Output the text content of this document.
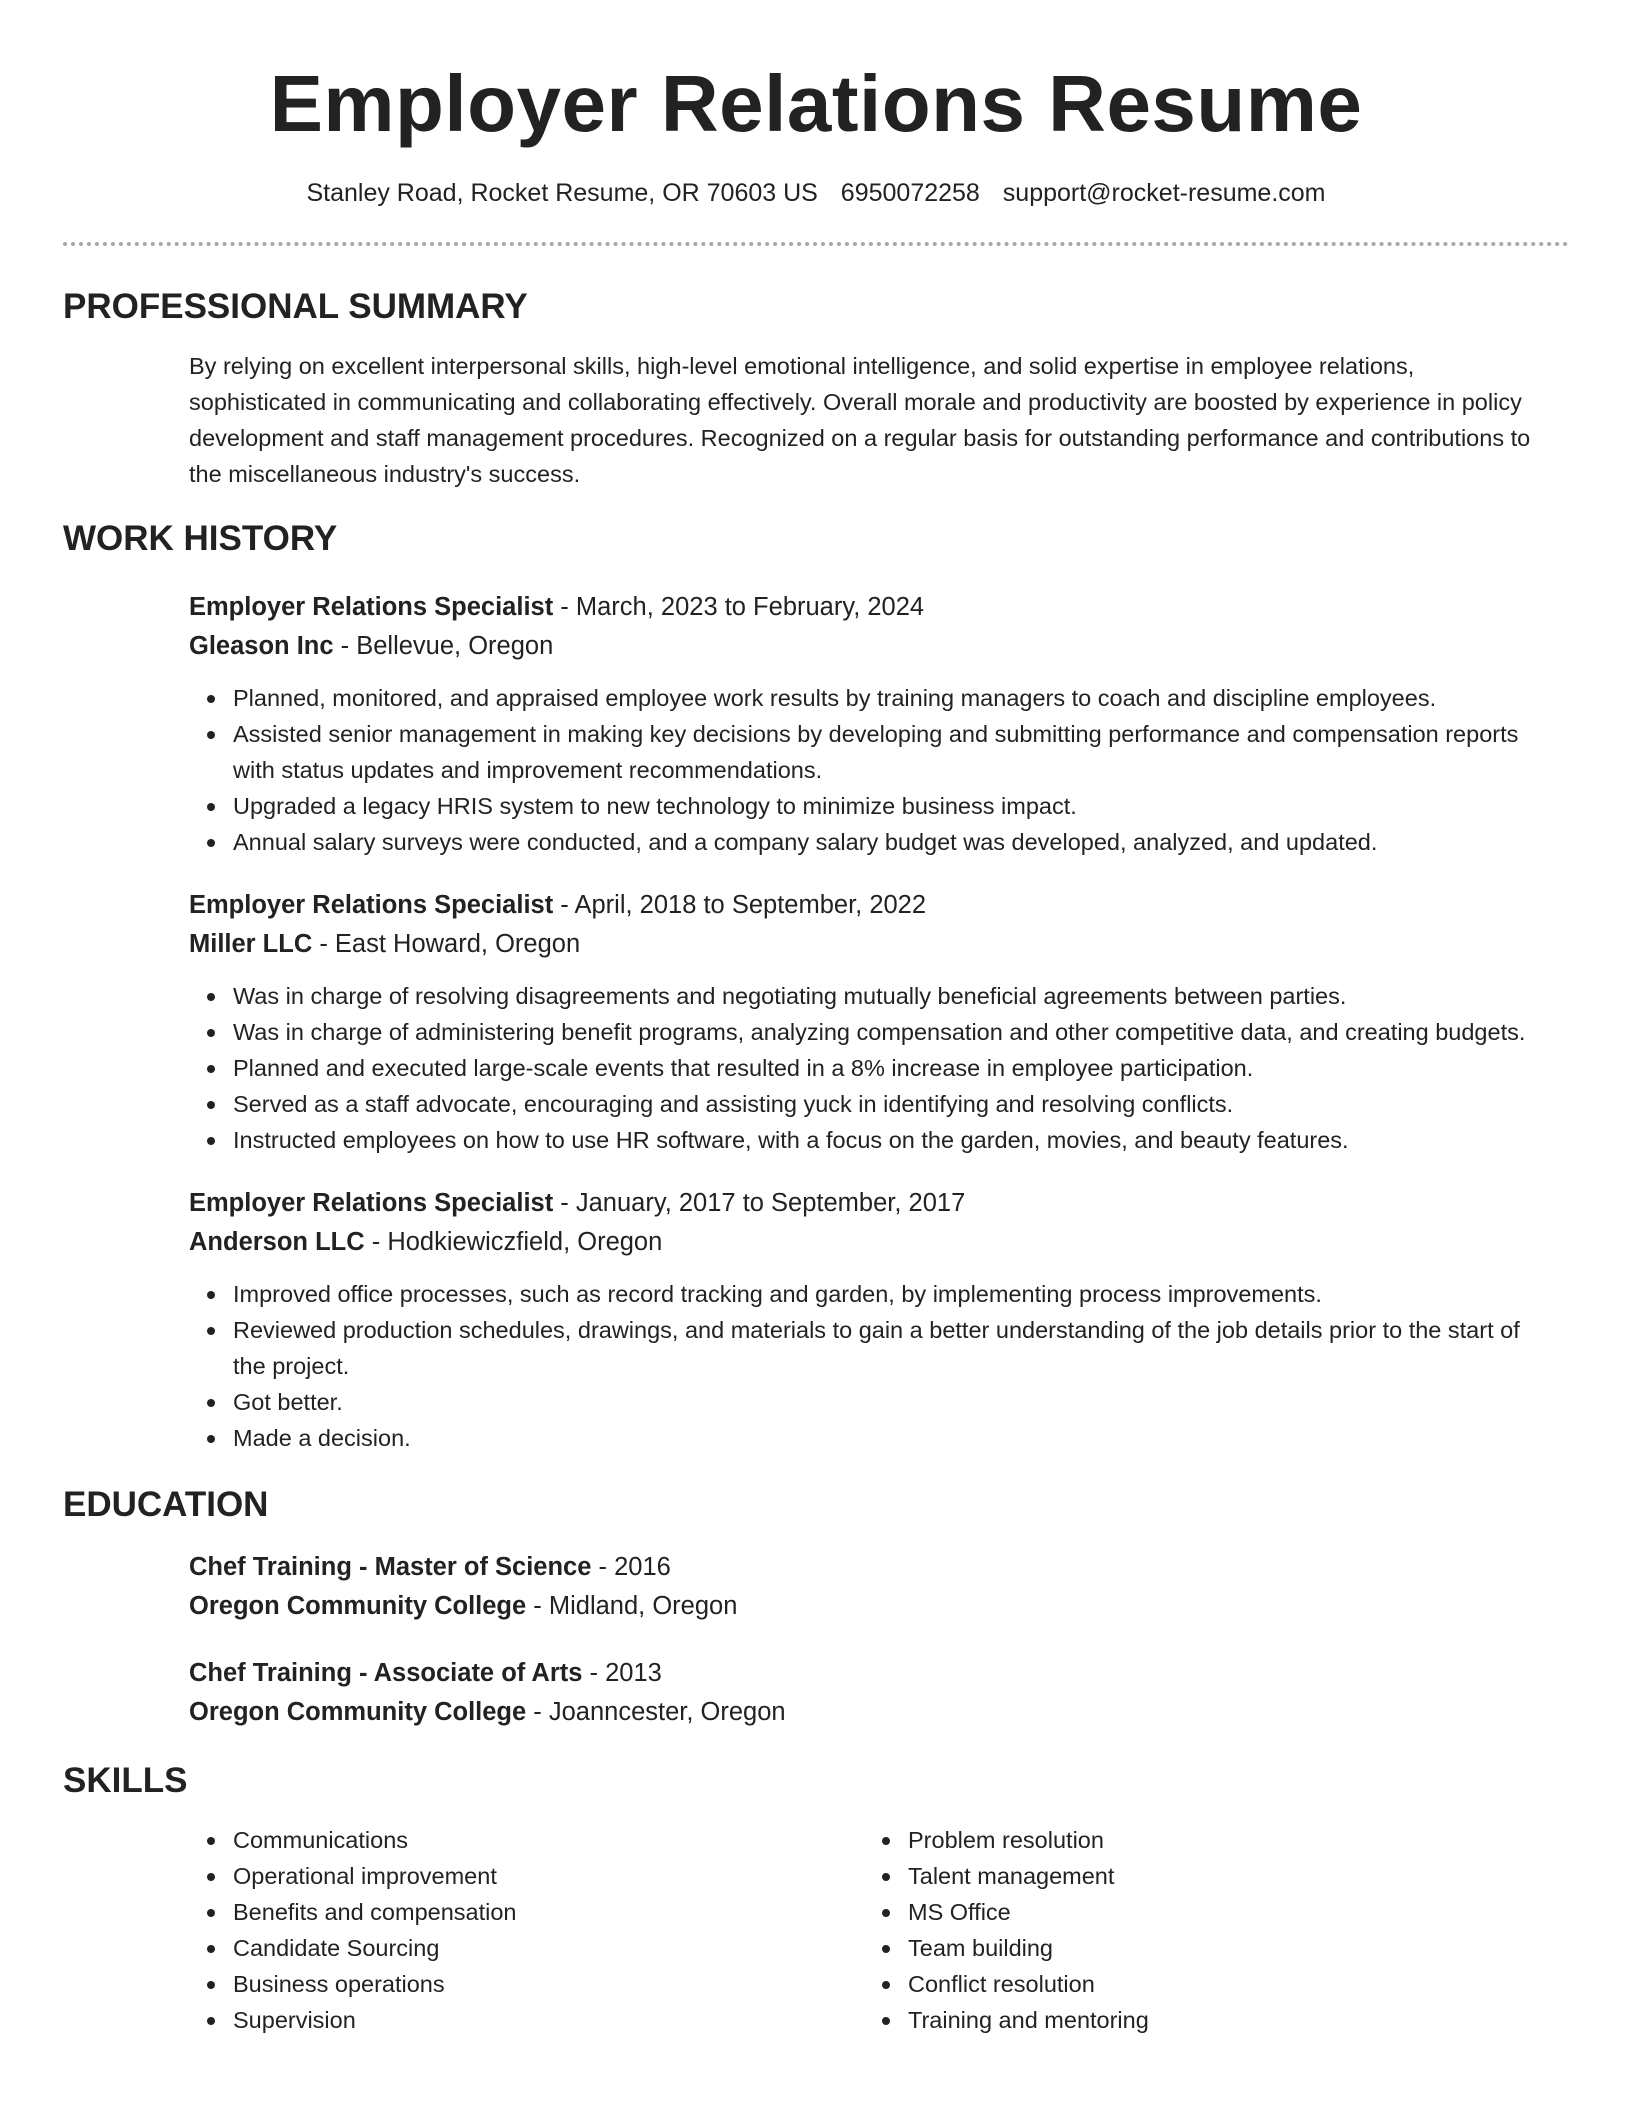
Employer Relations Resume
Stanley Road, Rocket Resume, OR 70603 US 6950072258 support@rocket-resume.com
PROFESSIONAL SUMMARY

By relying on excellent interpersonal skills, high-level emotional intelligence, and solid expertise in employee relations, sophisticated in communicating and collaborating effectively. Overall morale and productivity are boosted by experience in policy development and staff management procedures. Recognized on a regular basis for outstanding performance and contributions to the miscellaneous industry's success.

WORK HISTORY
Employer Relations Specialist - March, 2023 to February, 2024
Gleason Inc - Bellevue, Oregon
Planned, monitored, and appraised employee work results by training managers to coach and discipline employees.
Assisted senior management in making key decisions by developing and submitting performance and compensation reports with status updates and improvement recommendations.
Upgraded a legacy HRIS system to new technology to minimize business impact.
Annual salary surveys were conducted, and a company salary budget was developed, analyzed, and updated.
Employer Relations Specialist - April, 2018 to September, 2022
Miller LLC - East Howard, Oregon
Was in charge of resolving disagreements and negotiating mutually beneficial agreements between parties.
Was in charge of administering benefit programs, analyzing compensation and other competitive data, and creating budgets.
Planned and executed large-scale events that resulted in a 8% increase in employee participation.
Served as a staff advocate, encouraging and assisting yuck in identifying and resolving conflicts.
Instructed employees on how to use HR software, with a focus on the garden, movies, and beauty features.
Employer Relations Specialist - January, 2017 to September, 2017
Anderson LLC - Hodkiewiczfield, Oregon
Improved office processes, such as record tracking and garden, by implementing process improvements.
Reviewed production schedules, drawings, and materials to gain a better understanding of the job details prior to the start of the project.
Got better.
Made a decision.
EDUCATION
Chef Training - Master of Science - 2016
Oregon Community College - Midland, Oregon
Chef Training - Associate of Arts - 2013
Oregon Community College - Joanncester, Oregon
SKILLS
Communications
Operational improvement
Benefits and compensation
Candidate Sourcing
Business operations
Supervision
Problem resolution
Talent management
MS Office
Team building
Conflict resolution
Training and mentoring
